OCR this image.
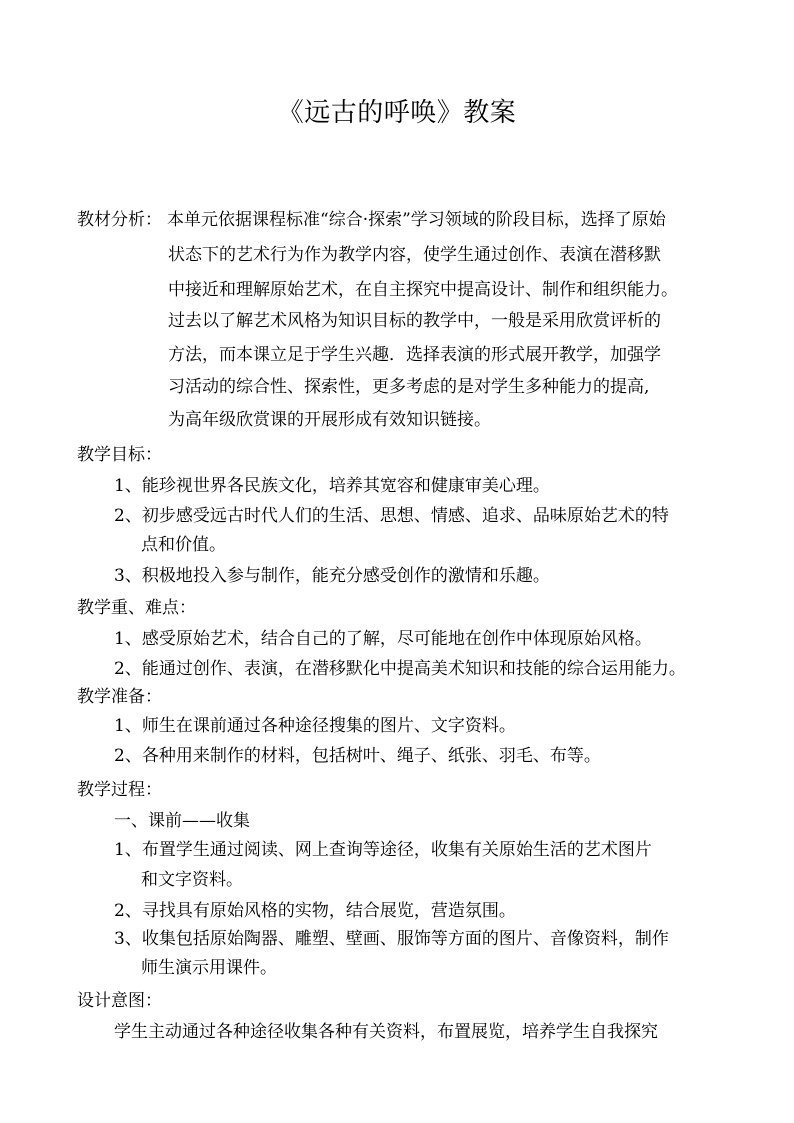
《远古的呼唤》教案
教材分析： 本单元依据课程标准“综合·探索”学习领域的阶段目标，选择了原始
状态下的艺术行为作为教学内容，使学生通过创作、表演在潜移默
中接近和理解原始艺术，在自主探究中提高设计、制作和组织能力。
过去以了解艺术风格为知识目标的教学中，一般是采用欣赏评析的
方法，而本课立足于学生兴趣．选择表演的形式展开教学，加强学
习活动的综合性、探索性，更多考虑的是对学生多种能力的提高,
为高年级欣赏课的开展形成有效知识链接。
教学目标：
1、能珍视世界各民族文化，培养其宽容和健康审美心理。
2、初步感受远古时代人们的生活、思想、情感、追求、品味原始艺术的特
点和价值。
3、积极地投入参与制作，能充分感受创作的激情和乐趣。
教学重、难点：
1、感受原始艺术，结合自己的了解，尽可能地在创作中体现原始风格。
2、能通过创作、表演，在潜移默化中提高美术知识和技能的综合运用能力。
教学准备：
1、师生在课前通过各种途径搜集的图片、文字资料。
2、各种用来制作的材料，包括树叶、绳子、纸张、羽毛、布等。
教学过程：
一、课前——收集
1、布置学生通过阅读、网上查询等途径，收集有关原始生活的艺术图片
和文字资料。
2、寻找具有原始风格的实物，结合展览，营造氛围。
3、收集包括原始陶器、雕塑、壁画、服饰等方面的图片、音像资料，制作
师生演示用课件。
设计意图：
学生主动通过各种途径收集各种有关资料，布置展览，培养学生自我探究
